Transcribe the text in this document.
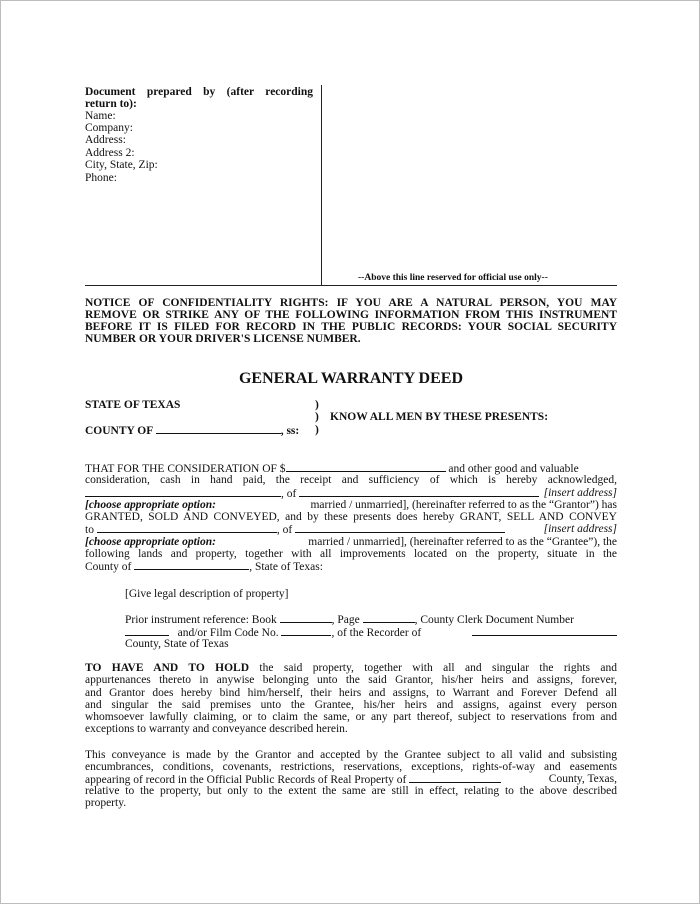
Document prepared by (after recording
return to):
Name:
Company:
Address:
Address 2:
City, State, Zip:
Phone:
--Above this line reserved for official use only--
NOTICE OF CONFIDENTIALITY RIGHTS: IF YOU ARE A NATURAL PERSON, YOU MAY
REMOVE OR STRIKE ANY OF THE FOLLOWING INFORMATION FROM THIS INSTRUMENT
BEFORE IT IS FILED FOR RECORD IN THE PUBLIC RECORDS: YOUR SOCIAL SECURITY
NUMBER OR YOUR DRIVER'S LICENSE NUMBER.
GENERAL WARRANTY DEED
STATE OF TEXAS	)
) KNOW ALL MEN BY THESE PRESENTS:
COUNTY OF	, ss: )
THAT FOR THE CONSIDERATION OF $	and other good and valuable
consideration, cash in hand paid, the receipt and sufficiency of which is hereby acknowledged,
, of	[insert address]
[choose appropriate option:	married / unmarried], (hereinafter referred to as the “Grantor”) has
GRANTED, SOLD AND CONVEYED, and by these presents does hereby GRANT, SELL AND CONVEY
to	, of	[insert address]
[choose appropriate option:	married / unmarried], (hereinafter referred to as the “Grantee”), the
following lands and property, together with all improvements located on the property, situate in the
County of	, State of Texas:
[Give legal description of property]
Prior instrument reference: Book	, Page	, County Clerk Document Number
and/or Film Code No.	, of the Recorder of
County, State of Texas
TO HAVE AND TO HOLD the said property, together with all and singular the rights and
appurtenances thereto in anywise belonging unto the said Grantor, his/her heirs and assigns, forever,
and Grantor does hereby bind him/herself, their heirs and assigns, to Warrant and Forever Defend all
and singular the said premises unto the Grantee, his/her heirs and assigns, against every person
whomsoever lawfully claiming, or to claim the same, or any part thereof, subject to reservations from and
exceptions to warranty and conveyance described herein.
This conveyance is made by the Grantor and accepted by the Grantee subject to all valid and subsisting
encumbrances, conditions, covenants, restrictions, reservations, exceptions, rights-of-way and easements
appearing of record in the Official Public Records of Real Property of	County, Texas,
relative to the property, but only to the extent the same are still in effect, relating to the above described
property.
